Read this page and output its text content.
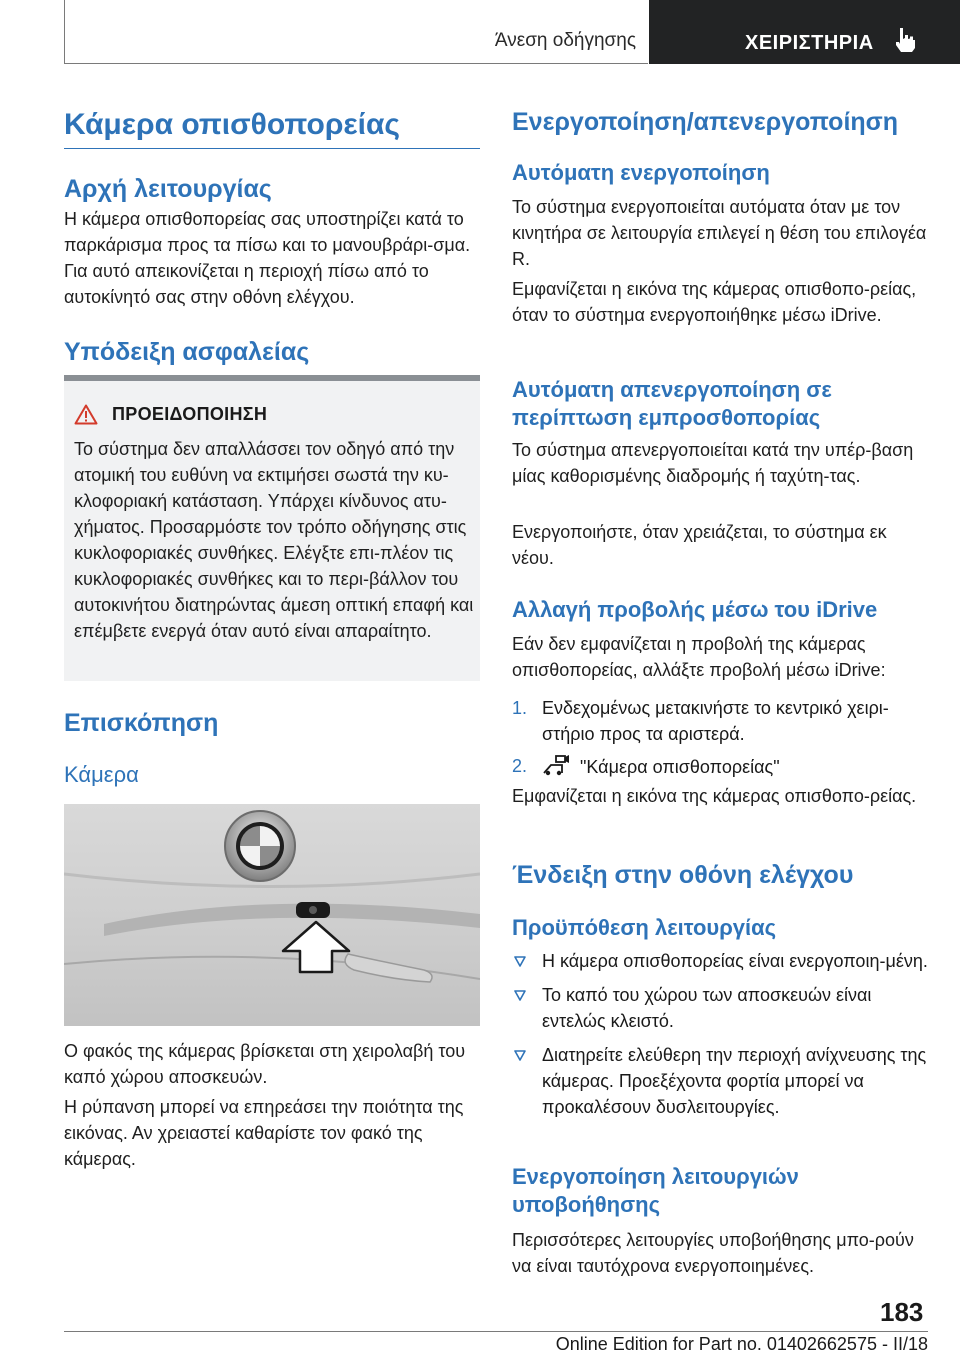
Άνεση οδήγησης	ΧΕΙΡΙΣΤΗΡΙΑ
Κάμερα οπισθοπορείας
Αρχή λειτουργίας

Η κάμερα οπισθοπορείας σας υποστηρίζει κατά το παρκάρισμα προς τα πίσω και το μανουβράρι-σμα. Για αυτό απεικονίζεται η περιοχή πίσω από το αυτοκίνητό σας στην οθόνη ελέγχου.

Υπόδειξη ασφαλείας
ΠΡΟΕΙΔΟΠΟΙΗΣΗ

Το σύστημα δεν απαλλάσσει τον οδηγό από την ατομική του ευθύνη να εκτιμήσει σωστά την κυ-κλοφοριακή κατάσταση. Υπάρχει κίνδυνος ατυ-χήματος. Προσαρμόστε τον τρόπο οδήγησης στις κυκλοφοριακές συνθήκες. Ελέγξτε επι-πλέον τις κυκλοφοριακές συνθήκες και το περι-βάλλον του αυτοκινήτου διατηρώντας άμεση οπτική επαφή και επέμβετε ενεργά όταν αυτό είναι απαραίτητο.

Επισκόπηση
Κάμερα

Ο φακός της κάμερας βρίσκεται στη χειρολαβή του καπό χώρου αποσκευών.

Η ρύπανση μπορεί να επηρεάσει την ποιότητα της εικόνας. Αν χρειαστεί καθαρίστε τον φακό της κάμερας.

Ενεργοποίηση/απενεργοποίηση
Αυτόματη ενεργοποίηση

Το σύστημα ενεργοποιείται αυτόματα όταν με τον κινητήρα σε λειτουργία επιλεγεί η θέση του επιλογέα R.

Εμφανίζεται η εικόνα της κάμερας οπισθοπο-ρείας, όταν το σύστημα ενεργοποιήθηκε μέσω iDrive.

Αυτόματη απενεργοποίηση σε περίπτωση εμπροσθοπορίας

Το σύστημα απενεργοποιείται κατά την υπέρ-βαση μίας καθορισμένης διαδρομής ή ταχύτη-τας.

Ενεργοποιήστε, όταν χρειάζεται, το σύστημα εκ νέου.

Αλλαγή προβολής μέσω του iDrive

Εάν δεν εμφανίζεται η προβολή της κάμερας οπισθοπορείας, αλλάξτε προβολή μέσω iDrive:

1. Ενδεχομένως μετακινήστε το κεντρικό χειρι-στήριο προς τα αριστερά.
2.	"Κάμερα οπισθοπορείας"

Εμφανίζεται η εικόνα της κάμερας οπισθοπο-ρείας.

Ένδειξη στην οθόνη ελέγχου
Προϋπόθεση λειτουργίας
Η κάμερα οπισθοπορείας είναι ενεργοποιη-μένη.
Το καπό του χώρου των αποσκευών είναι εντελώς κλειστό.
Διατηρείτε ελεύθερη την περιοχή ανίχνευσης της κάμερας. Προεξέχοντα φορτία μπορεί να προκαλέσουν δυσλειτουργίες.
Ενεργοποίηση λειτουργιών υποβοήθησης

Περισσότερες λειτουργίες υποβοήθησης μπο-ρούν να είναι ταυτόχρονα ενεργοποιημένες.

183
Online Edition for Part no. 01402662575 - II/18
